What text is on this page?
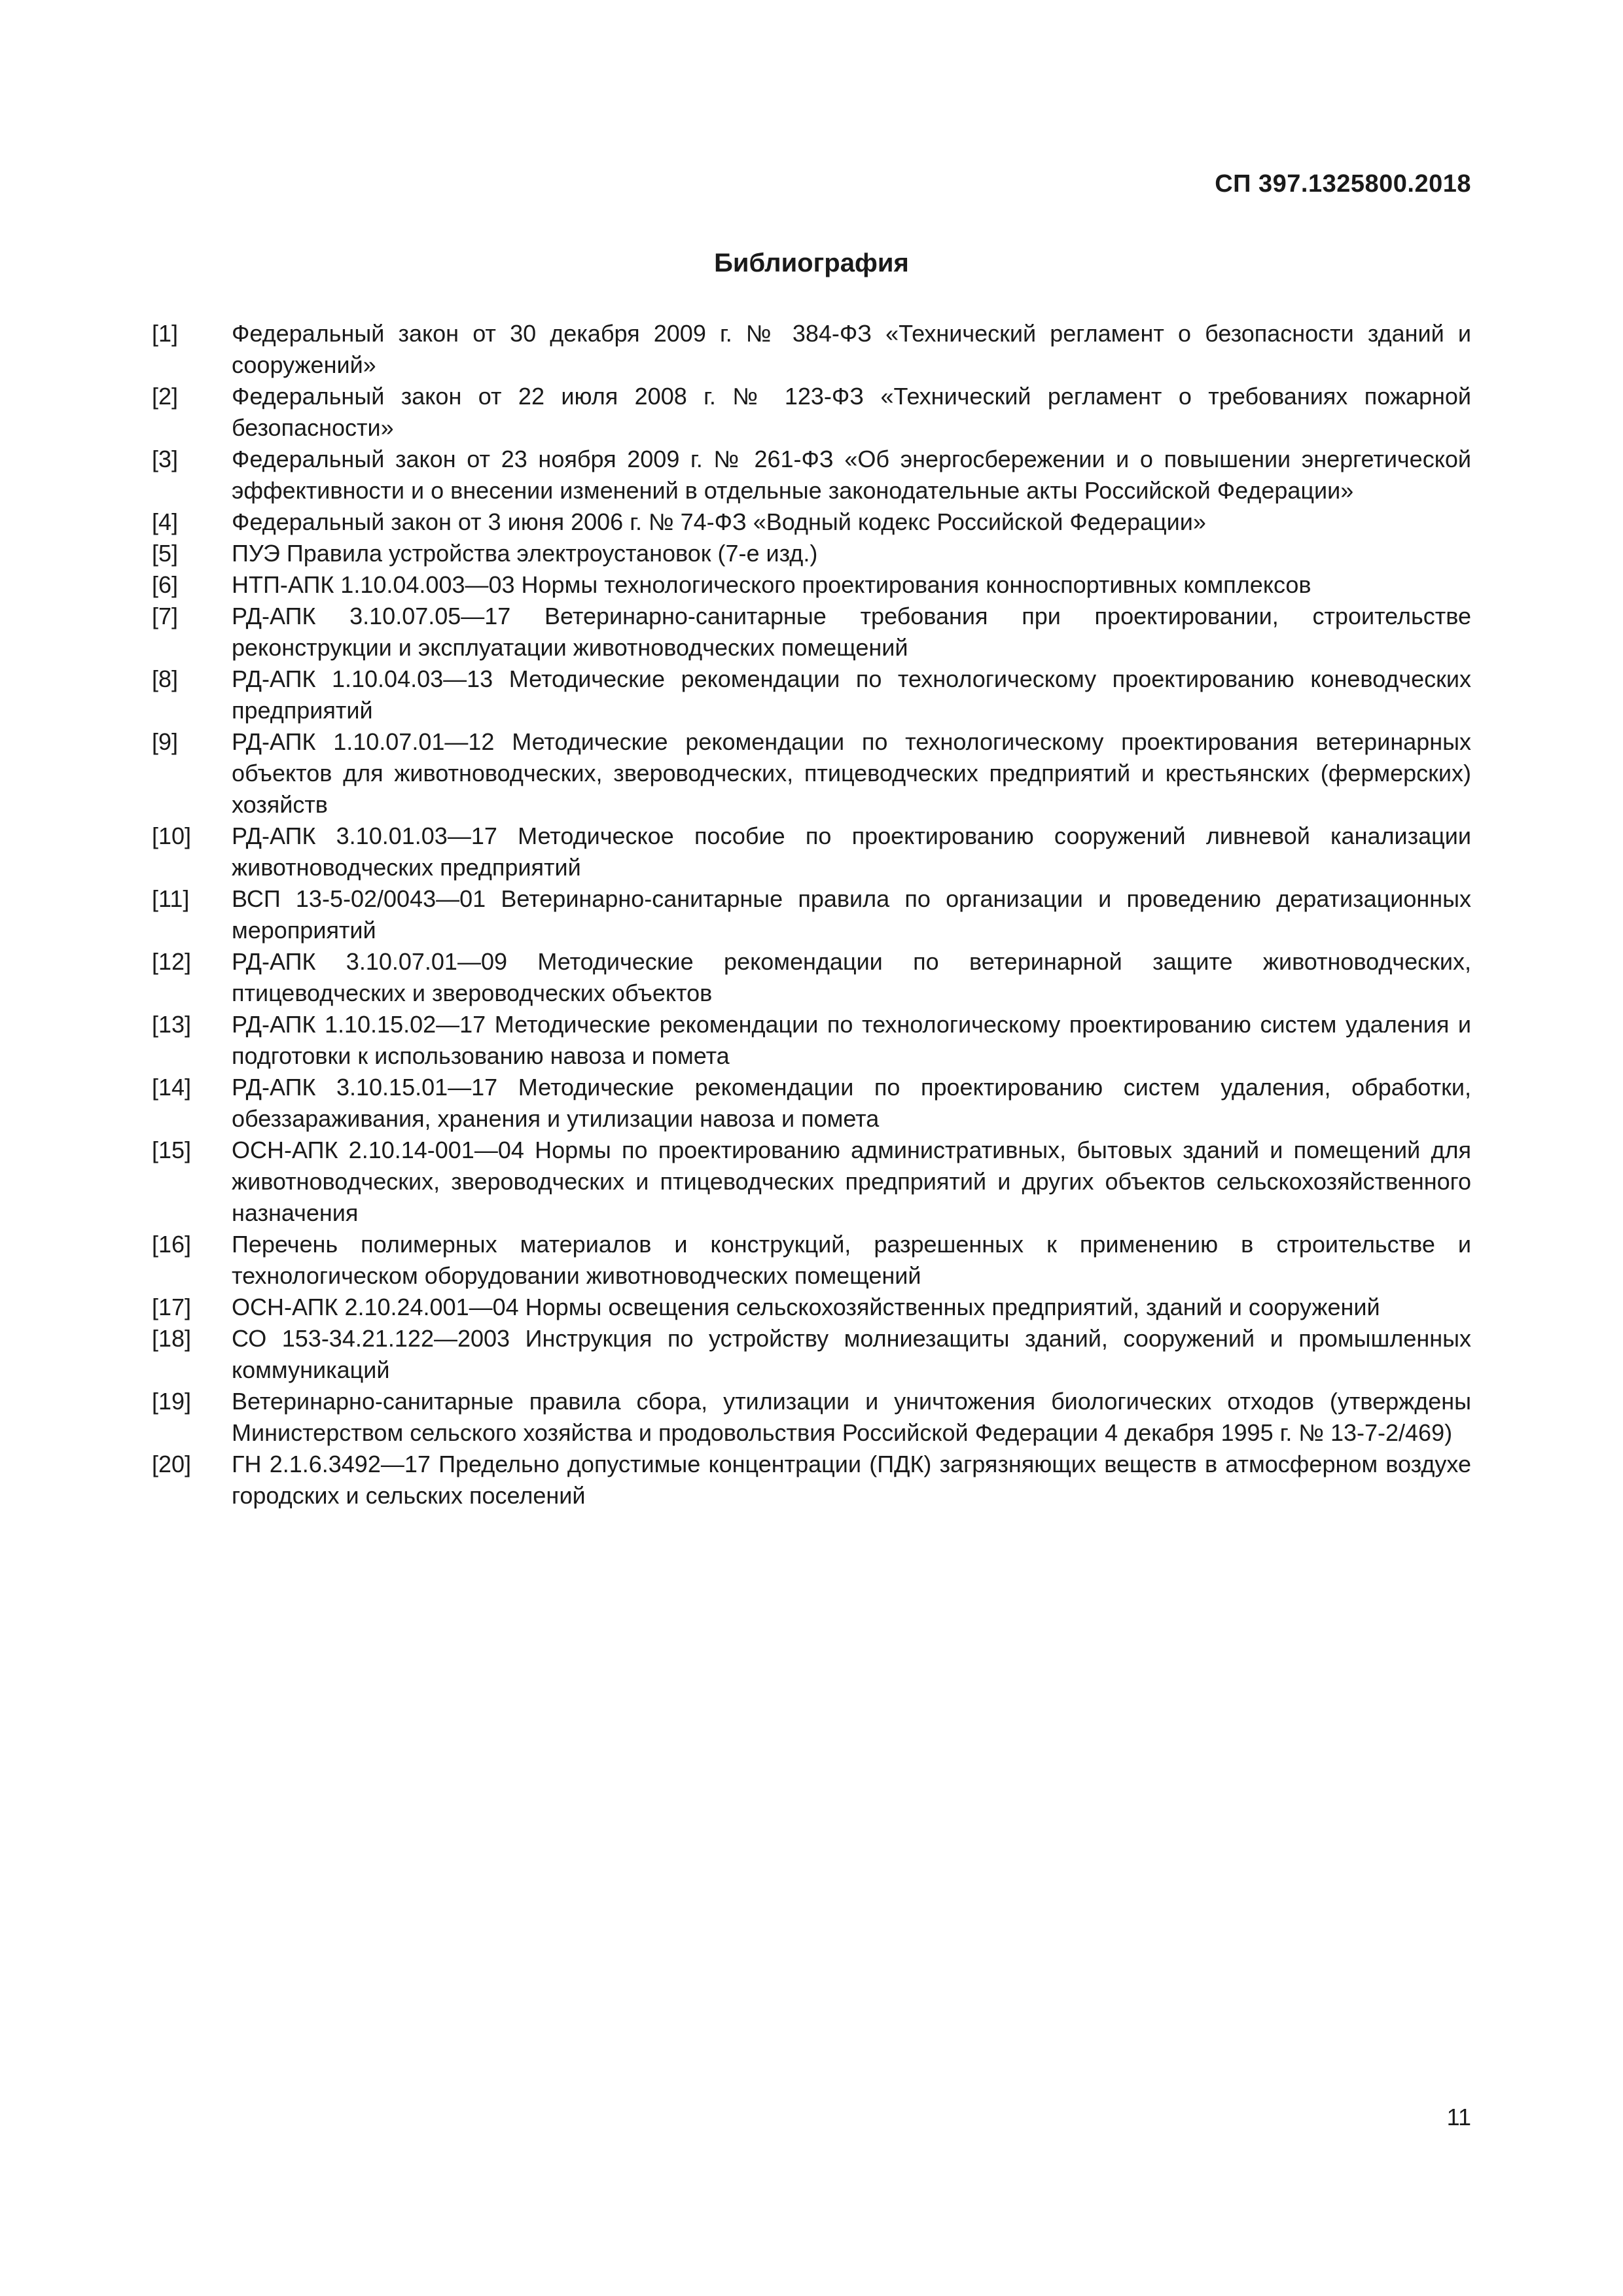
СП 397.1325800.2018
Библиография
[1]	Федеральный закон от 30 декабря 2009 г. № 384-ФЗ «Технический регламент о безопасности зданий и сооружений»
[2]	Федеральный закон от 22 июля 2008 г. № 123-ФЗ «Технический регламент о требованиях пожарной безопасности»
[3]	Федеральный закон от 23 ноября 2009 г. № 261-ФЗ «Об энергосбережении и о повышении энергетической эффективности и о внесении изменений в отдельные законодательные акты Российской Федерации»
[4]	Федеральный закон от 3 июня 2006 г. № 74-ФЗ «Водный кодекс Российской Федерации»
[5]	ПУЭ Правила устройства электроустановок (7-е изд.)
[6]	НТП-АПК 1.10.04.003—03 Нормы технологического проектирования конноспортивных комплексов
[7]	РД-АПК 3.10.07.05—17 Ветеринарно-санитарные требования при проектировании, строительстве реконструкции и эксплуатации животноводческих помещений
[8]	РД-АПК 1.10.04.03—13 Методические рекомендации по технологическому проектированию коневодческих предприятий
[9]	РД-АПК 1.10.07.01—12 Методические рекомендации по технологическому проектирования ветеринарных объектов для животноводческих, звероводческих, птицеводческих предприятий и крестьянских (фермерских) хозяйств
[10]	РД-АПК 3.10.01.03—17 Методическое пособие по проектированию сооружений ливневой канализации животноводческих предприятий
[11]	ВСП 13-5-02/0043—01 Ветеринарно-санитарные правила по организации и проведению дератизационных мероприятий
[12]	РД-АПК 3.10.07.01—09 Методические рекомендации по ветеринарной защите животноводческих, птицеводческих и звероводческих объектов
[13]	РД-АПК 1.10.15.02—17 Методические рекомендации по технологическому проектированию систем удаления и подготовки к использованию навоза и помета
[14]	РД-АПК 3.10.15.01—17 Методические рекомендации по проектированию систем удаления, обработки, обеззараживания, хранения и утилизации навоза и помета
[15]	ОСН-АПК 2.10.14-001—04 Нормы по проектированию административных, бытовых зданий и помещений для животноводческих, звероводческих и птицеводческих предприятий и других объектов сельскохозяйственного назначения
[16]	Перечень полимерных материалов и конструкций, разрешенных к применению в строительстве и технологическом оборудовании животноводческих помещений
[17]	ОСН-АПК 2.10.24.001—04 Нормы освещения сельскохозяйственных предприятий, зданий и сооружений
[18]	СО 153-34.21.122—2003 Инструкция по устройству молниезащиты зданий, сооружений и промышленных коммуникаций
[19]	Ветеринарно-санитарные правила сбора, утилизации и уничтожения биологических отходов (утверждены Министерством сельского хозяйства и продовольствия Российской Федерации 4 декабря 1995 г. № 13-7-2/469)
[20]	ГН 2.1.6.3492—17 Предельно допустимые концентрации (ПДК) загрязняющих веществ в атмосферном воздухе городских и сельских поселений
11
